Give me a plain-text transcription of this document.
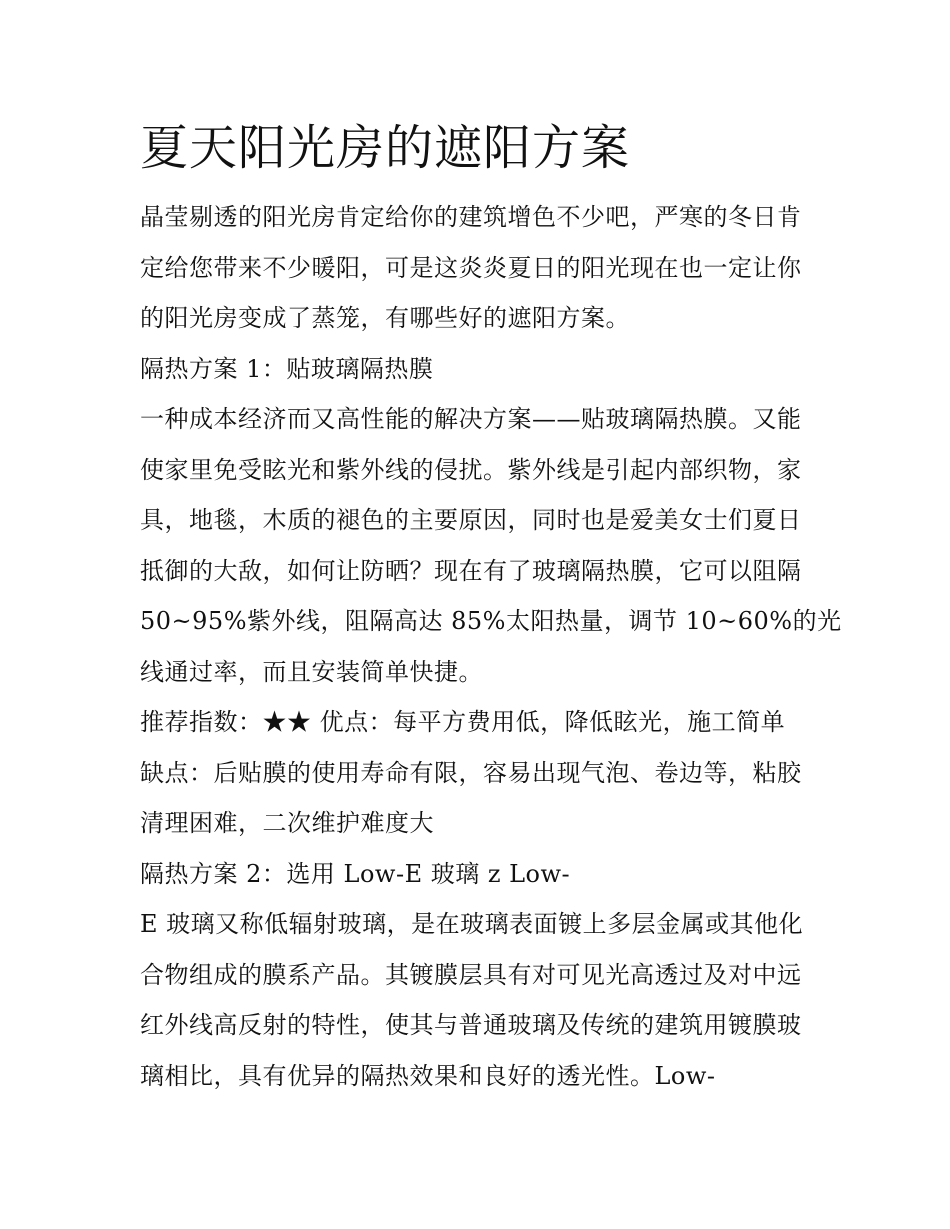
夏天阳光房的遮阳方案
晶莹剔透的阳光房肯定给你的建筑增色不少吧，严寒的冬日肯
定给您带来不少暖阳，可是这炎炎夏日的阳光现在也一定让你
的阳光房变成了蒸笼，有哪些好的遮阳方案。
隔热方案 1：贴玻璃隔热膜
一种成本经济而又高性能的解决方案——贴玻璃隔热膜。又能
使家里免受眩光和紫外线的侵扰。紫外线是引起内部织物，家
具，地毯，木质的褪色的主要原因，同时也是爱美女士们夏日
抵御的大敌，如何让防晒？现在有了玻璃隔热膜，它可以阻隔
50~95%紫外线，阻隔高达 85%太阳热量，调节 10~60%的光
线通过率，而且安装简单快捷。
推荐指数：★★ 优点：每平方费用低，降低眩光，施工简单
缺点：后贴膜的使用寿命有限，容易出现气泡、卷边等，粘胶
清理困难，二次维护难度大
隔热方案 2：选用 Low-E 玻璃 z Low-
E 玻璃又称低辐射玻璃，是在玻璃表面镀上多层金属或其他化
合物组成的膜系产品。其镀膜层具有对可见光高透过及对中远
红外线高反射的特性，使其与普通玻璃及传统的建筑用镀膜玻
璃相比，具有优异的隔热效果和良好的透光性。Low-
